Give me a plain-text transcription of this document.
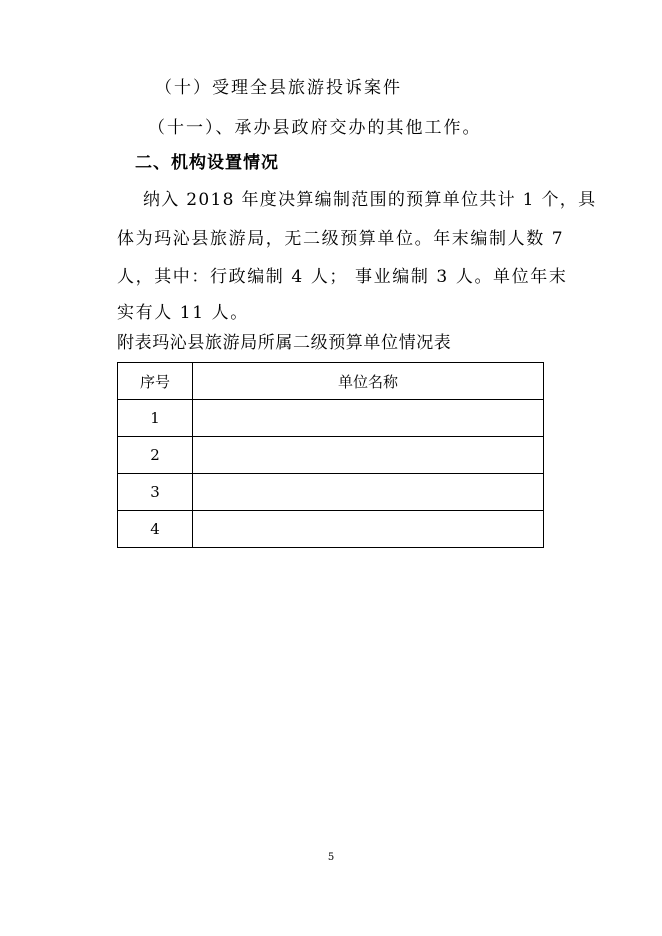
（十）受理全县旅游投诉案件
（十一）、承办县政府交办的其他工作。
二、机构设置情况
纳入 2018 年度决算编制范围的预算单位共计 1 个，具
体为玛沁县旅游局，无二级预算单位。年末编制人数 7
人，其中：行政编制 4 人； 事业编制 3 人。单位年末
实有人 11 人。
附表玛沁县旅游局所属二级预算单位情况表
序号	单位名称
1	
2	
3	
4	
5
